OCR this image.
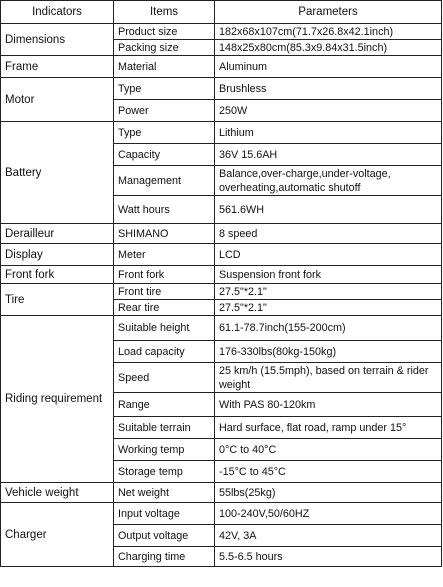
Indicators	Items	Parameters
Dimensions	Product size	182x68x107cm(71.7x26.8x42.1inch)
	Packing size	148x25x80cm(85.3x9.84x31.5inch)
Frame	Material	Aluminum
Motor	Type	Brushless
	Power	250W
Battery	Type	Lithium
	Capacity	36V 15.6AH
	Management	Balance,over-charge,under-voltage, overheating,automatic shutoff
	Watt hours	561.6WH
Derailleur	SHIMANO	8 speed
Display	Meter	LCD
Front fork	Front fork	Suspension front fork
Tire	Front tire	27.5"*2.1"
	Rear tire	27.5"*2.1"
Riding requirement	Suitable height	61.1-78.7inch(155-200cm)
	Load capacity	176-330lbs(80kg-150kg)
	Speed	25 km/h (15.5mph), based on terrain & rider weight
	Range	With PAS 80-120km
	Suitable terrain	Hard surface, flat road, ramp under 15°
	Working temp	0°C to 40°C
	Storage temp	-15°C to 45°C
Vehicle weight	Net weight	55lbs(25kg)
Charger	Input voltage	100-240V,50/60HZ
	Output voltage	42V, 3A
	Charging time	5.5-6.5 hours
